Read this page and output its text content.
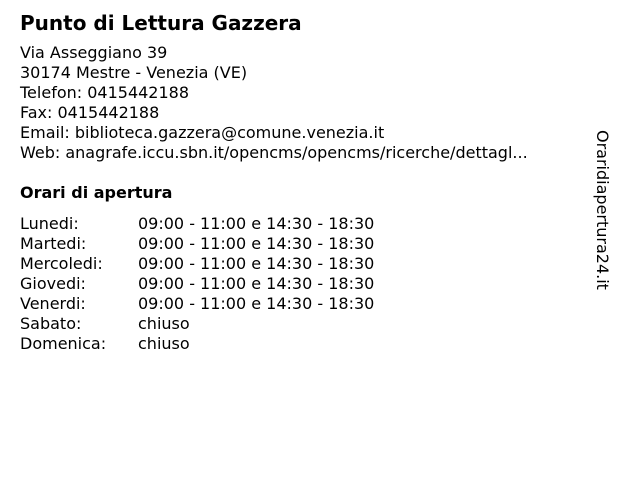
Punto di Lettura Gazzera
Via Asseggiano 39
30174 Mestre - Venezia (VE)
Telefon: 0415442188
Fax: 0415442188
Email: biblioteca.gazzera@comune.venezia.it
Web: anagrafe.iccu.sbn.it/opencms/opencms/ricerche/dettagl...
Orari di apertura
Lunedi:	09:00 - 11:00 e 14:30 - 18:30
Martedi:	09:00 - 11:00 e 14:30 - 18:30
Mercoledi: 09:00 - 11:00 e 14:30 - 18:30
Giovedi:	09:00 - 11:00 e 14:30 - 18:30
Venerdi:	09:00 - 11:00 e 14:30 - 18:30
Sabato:	chiuso
Domenica: chiuso
Oraridiapertura24.it
